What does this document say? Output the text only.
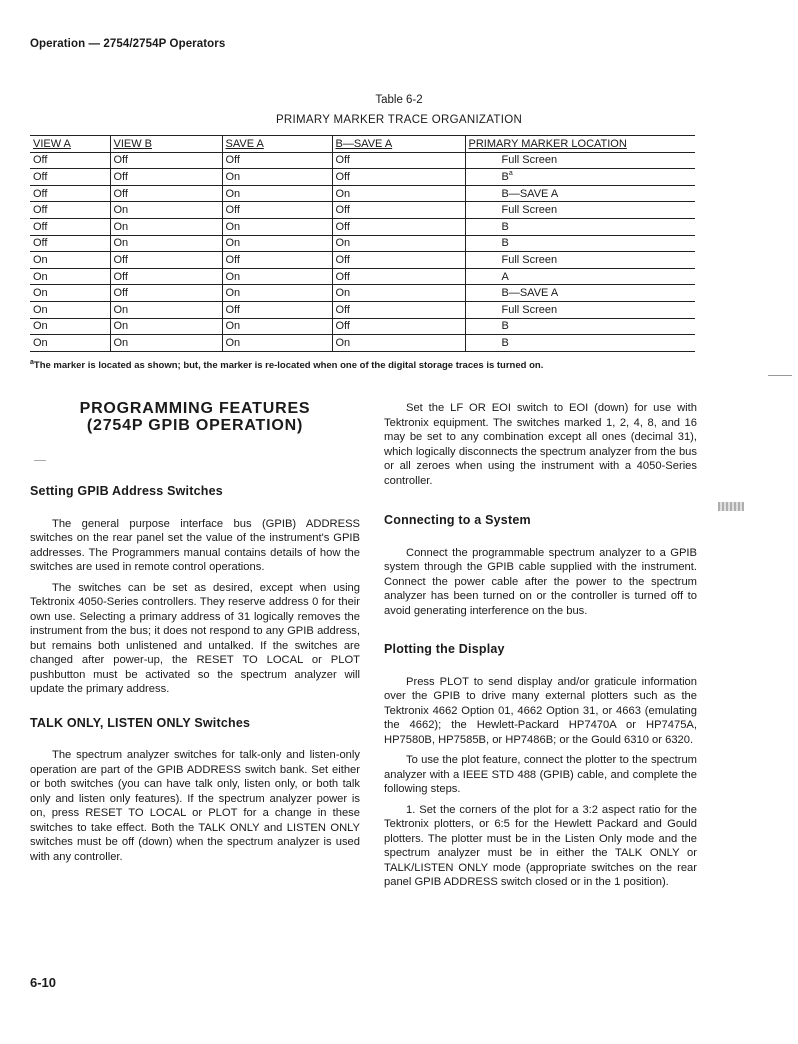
Operation — 2754/2754P Operators
Table 6-2
PRIMARY MARKER TRACE ORGANIZATION
VIEW A	VIEW B	SAVE A	B—SAVE A	PRIMARY MARKER LOCATION
Off	Off	Off	Off	Full Screen
Off	Off	On	Off	$B^a$
Off	Off	On	On	B—SAVE A
Off	On	Off	Off	Full Screen
Off	On	On	Off	B
Off	On	On	On	B
On	Off	Off	Off	Full Screen
On	Off	On	Off	A
On	Off	On	On	B—SAVE A
On	On	Off	Off	Full Screen
On	On	On	Off	B
On	On	On	On	B
$^a$The marker is located as shown; but, the marker is re-located when one of the digital storage traces is turned on.
PROGRAMMING FEATURES
(2754P GPIB OPERATION)
Setting GPIB Address Switches

The general purpose interface bus (GPIB) ADDRESS switches on the rear panel set the value of the instrument's GPIB addresses. The Programmers manual contains details of how the switches are used in remote control operations.

The switches can be set as desired, except when using Tektronix 4050-Series controllers. They reserve address 0 for their own use. Selecting a primary address of 31 logically removes the instrument from the bus; it does not respond to any GPIB address, but remains both unlistened and untalked. If the switches are changed after power-up, the RESET TO LOCAL or PLOT pushbutton must be activated so the spectrum analyzer will update the primary address.

TALK ONLY, LISTEN ONLY Switches

The spectrum analyzer switches for talk-only and listen-only operation are part of the GPIB ADDRESS switch bank. Set either or both switches (you can have talk only, listen only, or both talk only and listen only features). If the spectrum analyzer power is on, press RESET TO LOCAL or PLOT for a change in these switches to take effect. Both the TALK ONLY and LISTEN ONLY switches must be off (down) when the spectrum analyzer is used with any controller.

Set the LF OR EOI switch to EOI (down) for use with Tektronix equipment. The switches marked 1, 2, 4, 8, and 16 may be set to any combination except all ones (decimal 31), which logically disconnects the spectrum analyzer from the bus or all zeroes when using the instrument with a 4050-Series controller.

Connecting to a System

Connect the programmable spectrum analyzer to a GPIB system through the GPIB cable supplied with the instrument. Connect the power cable after the power to the spectrum analyzer has been turned on or the controller is turned off to avoid generating interference on the bus.

Plotting the Display

Press PLOT to send display and/or graticule information over the GPIB to drive many external plotters such as the Tektronix 4662 Option 01, 4662 Option 31, or 4663 (emulating the 4662); the Hewlett-Packard HP7470A or HP7475A, HP7580B, HP7585B, or HP7486B; or the Gould 6310 or 6320.

To use the plot feature, connect the plotter to the spectrum analyzer with a IEEE STD 488 (GPIB) cable, and complete the following steps.

1. Set the corners of the plot for a 3:2 aspect ratio for the Tektronix plotters, or 6:5 for the Hewlett Packard and Gould plotters. The plotter must be in the Listen Only mode and the spectrum analyzer must be in either the TALK ONLY or TALK/LISTEN ONLY mode (appropriate switches on the rear panel GPIB ADDRESS switch closed or in the 1 position).

6-10
